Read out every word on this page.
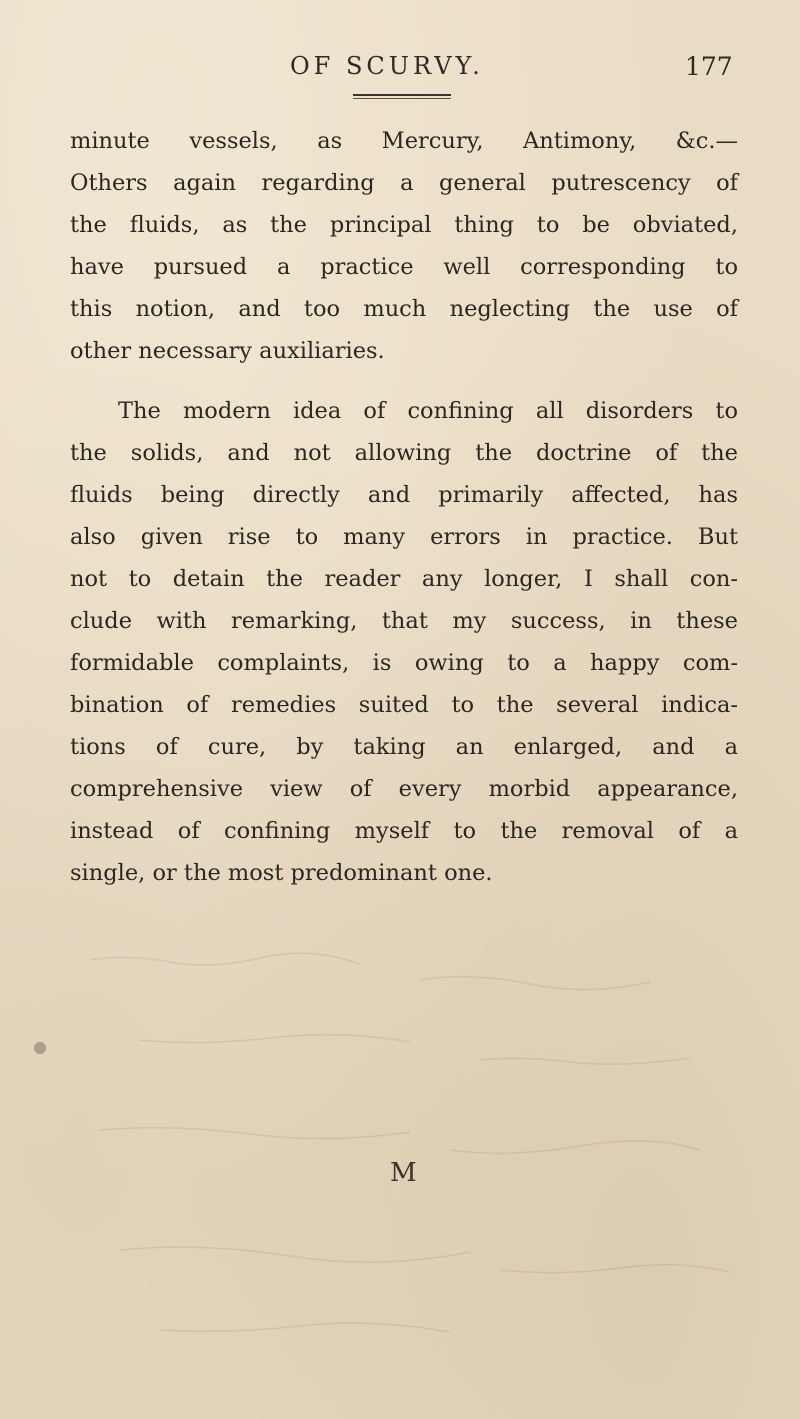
OF SCURVY.	177
minute vessels, as Mercury, Antimony, &c.—
Others again regarding a general putrescency of
the fluids, as the principal thing to be obviated,
have pursued a practice well corresponding to
this notion, and too much neglecting the use of
other necessary auxiliaries.
The modern idea of confining all disorders to
the solids, and not allowing the doctrine of the
fluids being directly and primarily affected, has
also given rise to many errors in practice. But
not to detain the reader any longer, I shall con-
clude with remarking, that my success, in these
formidable complaints, is owing to a happy com-
bination of remedies suited to the several indica-
tions of cure, by taking an enlarged, and a
comprehensive view of every morbid appearance,
instead of confining myself to the removal of a
single, or the most predominant one.
M
